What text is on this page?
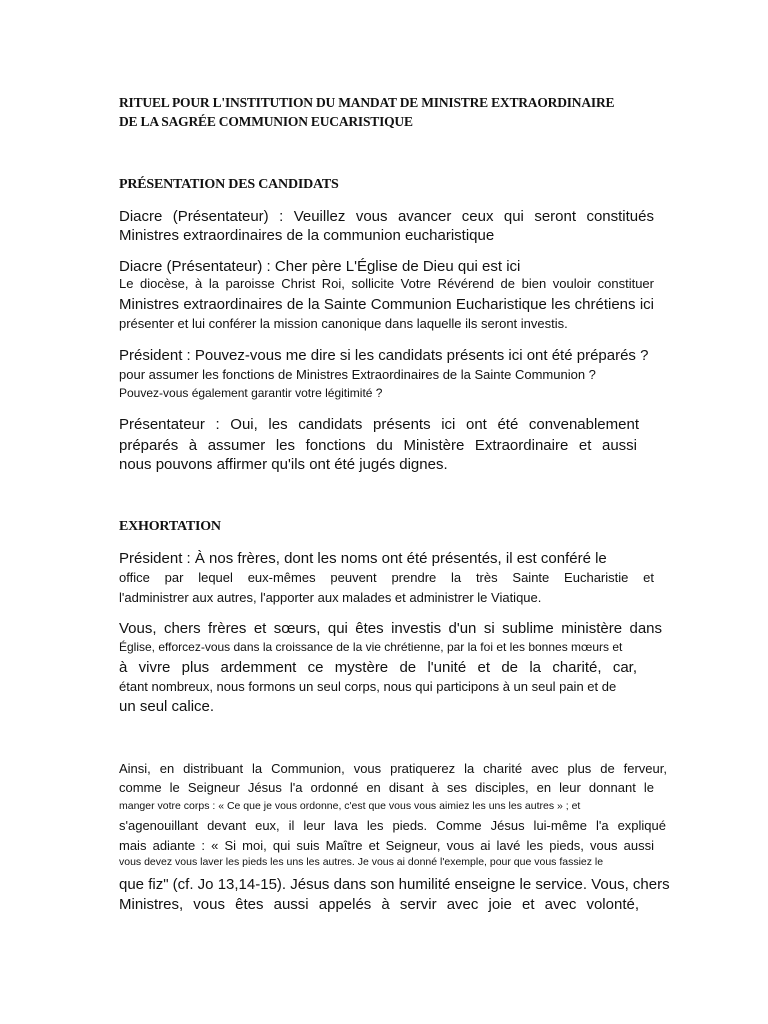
RITUEL POUR L'INSTITUTION DU MANDAT DE MINISTRE EXTRAORDINAIRE
DE LA SAGRÉE COMMUNION EUCARISTIQUE
PRÉSENTATION DES CANDIDATS
Diacre (Présentateur) : Veuillez vous avancer ceux qui seront constitués
Ministres extraordinaires de la communion eucharistique
Diacre (Présentateur) : Cher père L'Église de Dieu qui est ici
Le diocèse, à la paroisse Christ Roi, sollicite Votre Révérend de bien vouloir constituer
Ministres extraordinaires de la Sainte Communion Eucharistique les chrétiens ici
présenter et lui conférer la mission canonique dans laquelle ils seront investis.
Président : Pouvez-vous me dire si les candidats présents ici ont été préparés ?
pour assumer les fonctions de Ministres Extraordinaires de la Sainte Communion ?
Pouvez-vous également garantir votre légitimité ?
Présentateur : Oui, les candidats présents ici ont été convenablement
préparés à assumer les fonctions du Ministère Extraordinaire et aussi
nous pouvons affirmer qu'ils ont été jugés dignes.
EXHORTATION
Président : À nos frères, dont les noms ont été présentés, il est conféré le
office par lequel eux-mêmes peuvent prendre la très Sainte Eucharistie et
l'administrer aux autres, l'apporter aux malades et administrer le Viatique.
Vous, chers frères et sœurs, qui êtes investis d'un si sublime ministère dans
Église, efforcez-vous dans la croissance de la vie chrétienne, par la foi et les bonnes mœurs et
à vivre plus ardemment ce mystère de l'unité et de la charité, car,
étant nombreux, nous formons un seul corps, nous qui participons à un seul pain et de
un seul calice.
Ainsi, en distribuant la Communion, vous pratiquerez la charité avec plus de ferveur,
comme le Seigneur Jésus l'a ordonné en disant à ses disciples, en leur donnant le
manger votre corps : « Ce que je vous ordonne, c'est que vous vous aimiez les uns les autres » ; et
s'agenouillant devant eux, il leur lava les pieds. Comme Jésus lui-même l'a expliqué
mais adiante : « Si moi, qui suis Maître et Seigneur, vous ai lavé les pieds, vous aussi
vous devez vous laver les pieds les uns les autres. Je vous ai donné l'exemple, pour que vous fassiez le
que fiz" (cf. Jo 13,14-15). Jésus dans son humilité enseigne le service. Vous, chers
Ministres, vous êtes aussi appelés à servir avec joie et avec volonté,
